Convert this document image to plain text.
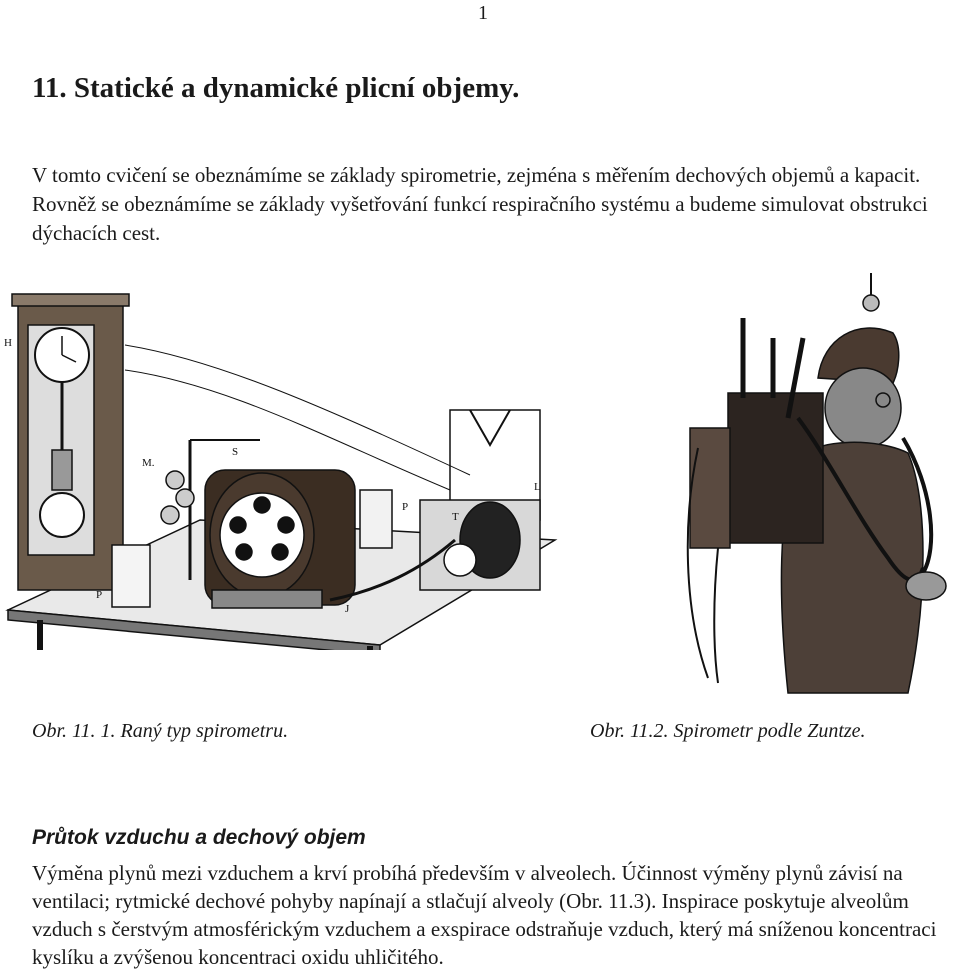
1
11. Statické a dynamické plicní objemy.

V tomto cvičení se obeznámíme se základy spirometrie, zejména s měřením dechových objemů a kapacit. Rovněž se obeznámíme se základy vyšetřování funkcí respiračního systému a budeme simulovat obstrukci dýchacích cest.

H
M.
S
P
P
T
L
J

Obr. 11. 1. Raný typ spirometru.	Obr. 11.2. Spirometr podle Zuntze.

Průtok vzduchu a dechový objem

Výměna plynů mezi vzduchem a krví probíhá především v alveolech. Účinnost výměny plynů závisí na ventilaci; rytmické dechové pohyby napínají a stlačují alveoly (Obr. 11.3). Inspirace poskytuje alveolům vzduch s čerstvým atmosférickým vzduchem a exspirace odstraňuje vzduch, který má sníženou koncentraci kyslíku a zvýšenou koncentraci oxidu uhličitého.
